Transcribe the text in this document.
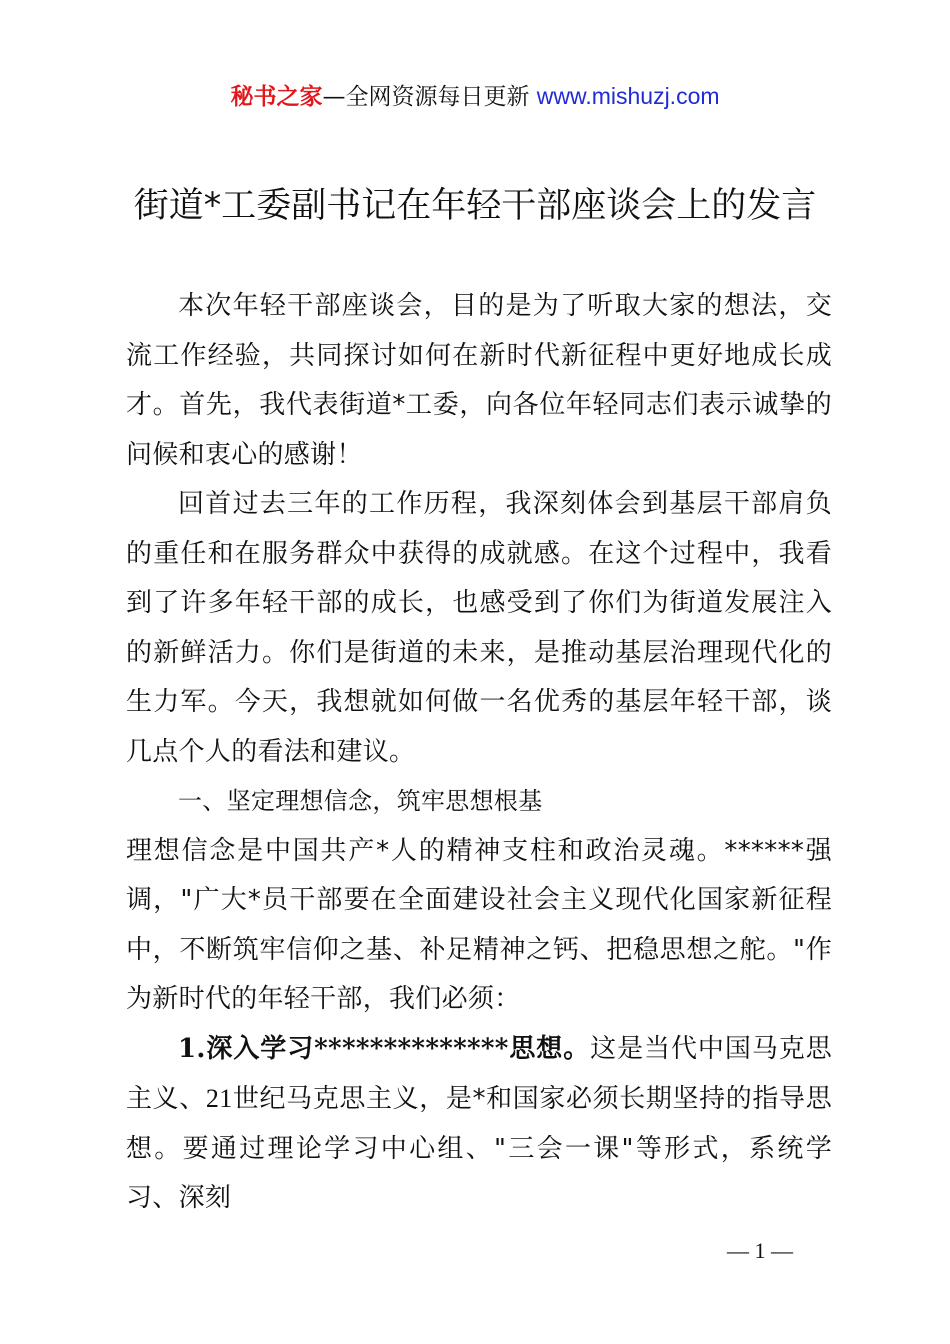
秘书之家—全网资源每日更新 www.mishuzj.com
街道*工委副书记在年轻干部座谈会上的发言

本次年轻干部座谈会，目的是为了听取大家的想法，交流工作经验，共同探讨如何在新时代新征程中更好地成长成才。首先，我代表街道*工委，向各位年轻同志们表示诚挚的问候和衷心的感谢！

回首过去三年的工作历程，我深刻体会到基层干部肩负的重任和在服务群众中获得的成就感。在这个过程中，我看到了许多年轻干部的成长，也感受到了你们为街道发展注入的新鲜活力。你们是街道的未来，是推动基层治理现代化的生力军。今天，我想就如何做一名优秀的基层年轻干部，谈几点个人的看法和建议。

一、坚定理想信念，筑牢思想根基

理想信念是中国共产*人的精神支柱和政治灵魂。******强调，"广大*员干部要在全面建设社会主义现代化国家新征程中，不断筑牢信仰之基、补足精神之钙、把稳思想之舵。"作为新时代的年轻干部，我们必须：

1.深入学习**************思想。这是当代中国马克思主义、21世纪马克思主义，是*和国家必须长期坚持的指导思想。要通过理论学习中心组、"三会一课"等形式，系统学习、深刻

— 1 —
